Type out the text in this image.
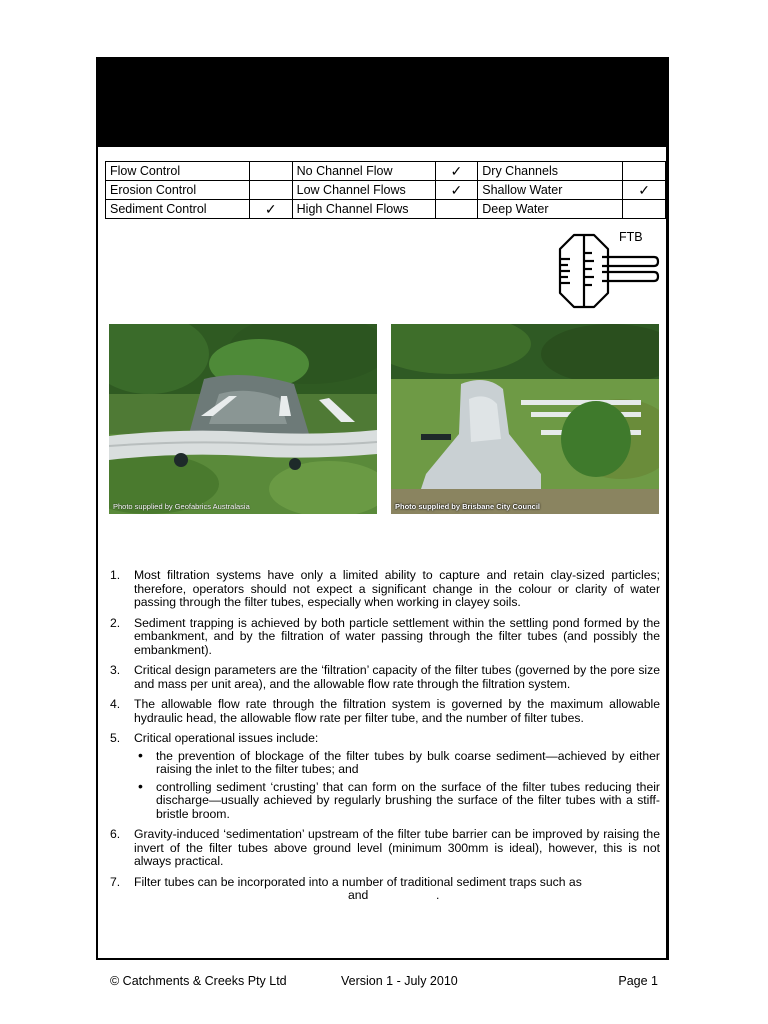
Flow Control		No Channel Flow	✓	Dry Channels	
Erosion Control		Low Channel Flows	✓	Shallow Water	✓
Sediment Control	✓	High Channel Flows		Deep Water	
FTB
Photo supplied by Geofabrics Australasia	Photo supplied by Brisbane City Council
1. Most filtration systems have only a limited ability to capture and retain clay-sized particles; therefore, operators should not expect a significant change in the colour or clarity of water passing through the filter tubes, especially when working in clayey soils.
2. Sediment trapping is achieved by both particle settlement within the settling pond formed by the embankment, and by the filtration of water passing through the filter tubes (and possibly the embankment).
3. Critical design parameters are the ‘filtration’ capacity of the filter tubes (governed by the pore size and mass per unit area), and the allowable flow rate through the filtration system.
4. The allowable flow rate through the filtration system is governed by the maximum allowable hydraulic head, the allowable flow rate per filter tube, and the number of filter tubes.
5. Critical operational issues include:
• the prevention of blockage of the filter tubes by bulk coarse sediment—achieved by either raising the inlet to the filter tubes; and
• controlling sediment ‘crusting’ that can form on the surface of the filter tubes reducing their discharge—usually achieved by regularly brushing the surface of the filter tubes with a stiff-bristle broom.
6. Gravity-induced ‘sedimentation’ upstream of the filter tube barrier can be improved by raising the invert of the filter tubes above ground level (minimum 300mm is ideal), however, this is not always practical.
7. Filter tubes can be incorporated into a number of traditional sediment traps such as
and                    .
© Catchments & Creeks Pty Ltd	Version 1 - July 2010	Page 1
